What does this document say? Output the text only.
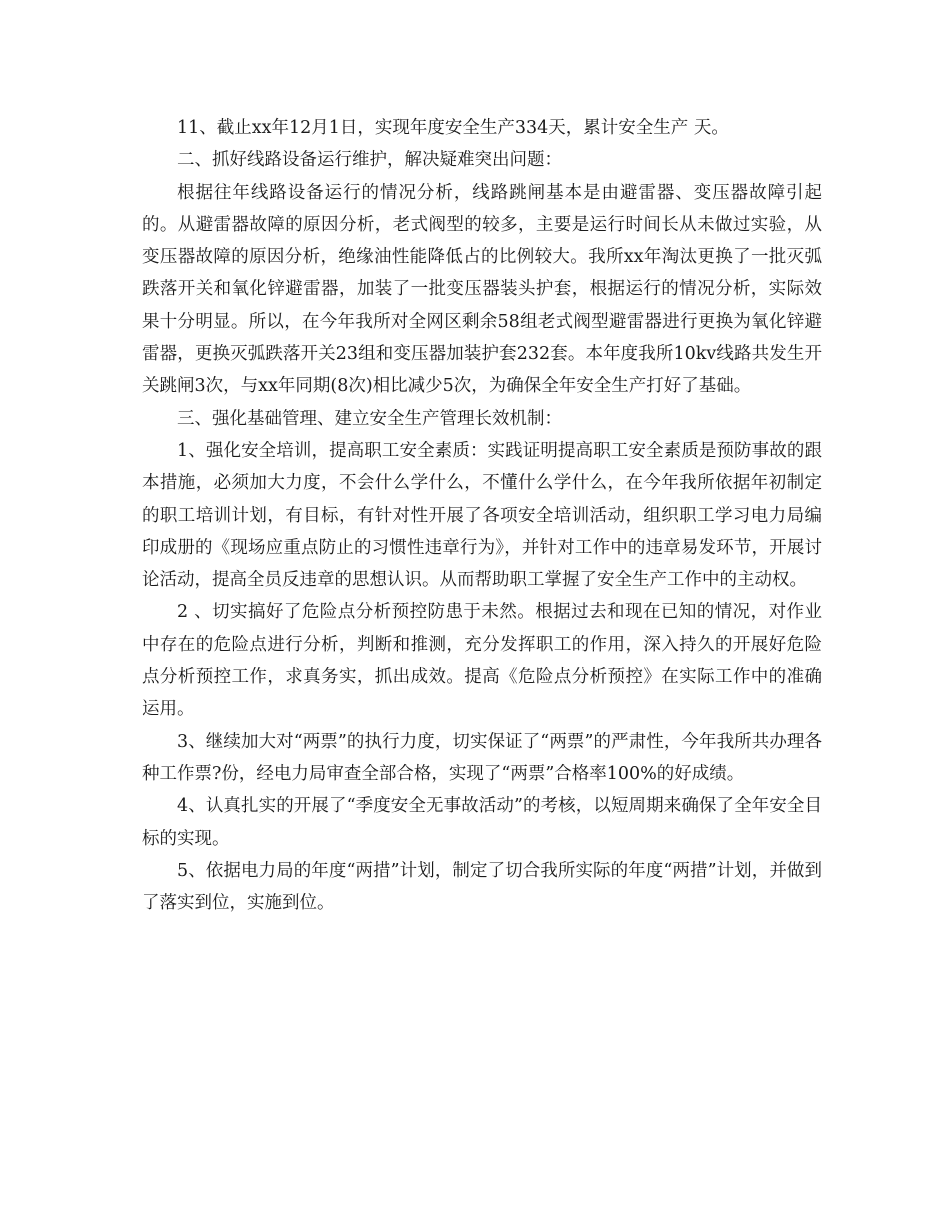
11、截止xx年12月1日，实现年度安全生产334天，累计安全生产 天。

二、抓好线路设备运行维护，解决疑难突出问题：

根据往年线路设备运行的情况分析，线路跳闸基本是由避雷器、变压器故障引起的。从避雷器故障的原因分析，老式阀型的较多，主要是运行时间长从未做过实验，从变压器故障的原因分析，绝缘油性能降低占的比例较大。我所xx年淘汰更换了一批灭弧跌落开关和氧化锌避雷器，加装了一批变压器装头护套，根据运行的情况分析，实际效果十分明显。所以，在今年我所对全网区剩余58组老式阀型避雷器进行更换为氧化锌避雷器，更换灭弧跌落开关23组和变压器加装护套232套。本年度我所10kv线路共发生开关跳闸3次，与xx年同期(8次)相比减少5次，为确保全年安全生产打好了基础。

三、强化基础管理、建立安全生产管理长效机制：

1、强化安全培训，提高职工安全素质：实践证明提高职工安全素质是预防事故的跟本措施，必须加大力度，不会什么学什么，不懂什么学什么，在今年我所依据年初制定的职工培训计划，有目标，有针对性开展了各项安全培训活动，组织职工学习电力局编印成册的《现场应重点防止的习惯性违章行为》，并针对工作中的违章易发环节，开展讨论活动，提高全员反违章的思想认识。从而帮助职工掌握了安全生产工作中的主动权。

2 、切实搞好了危险点分析预控防患于未然。根据过去和现在已知的情况，对作业中存在的危险点进行分析，判断和推测，充分发挥职工的作用，深入持久的开展好危险点分析预控工作，求真务实，抓出成效。提高《危险点分析预控》在实际工作中的准确运用。

3、继续加大对“两票”的执行力度，切实保证了“两票”的严肃性，今年我所共办理各种工作票?份，经电力局审查全部合格，实现了“两票”合格率100%的好成绩。

4、认真扎实的开展了“季度安全无事故活动”的考核，以短周期来确保了全年安全目标的实现。

5、依据电力局的年度“两措”计划，制定了切合我所实际的年度“两措”计划，并做到了落实到位，实施到位。
